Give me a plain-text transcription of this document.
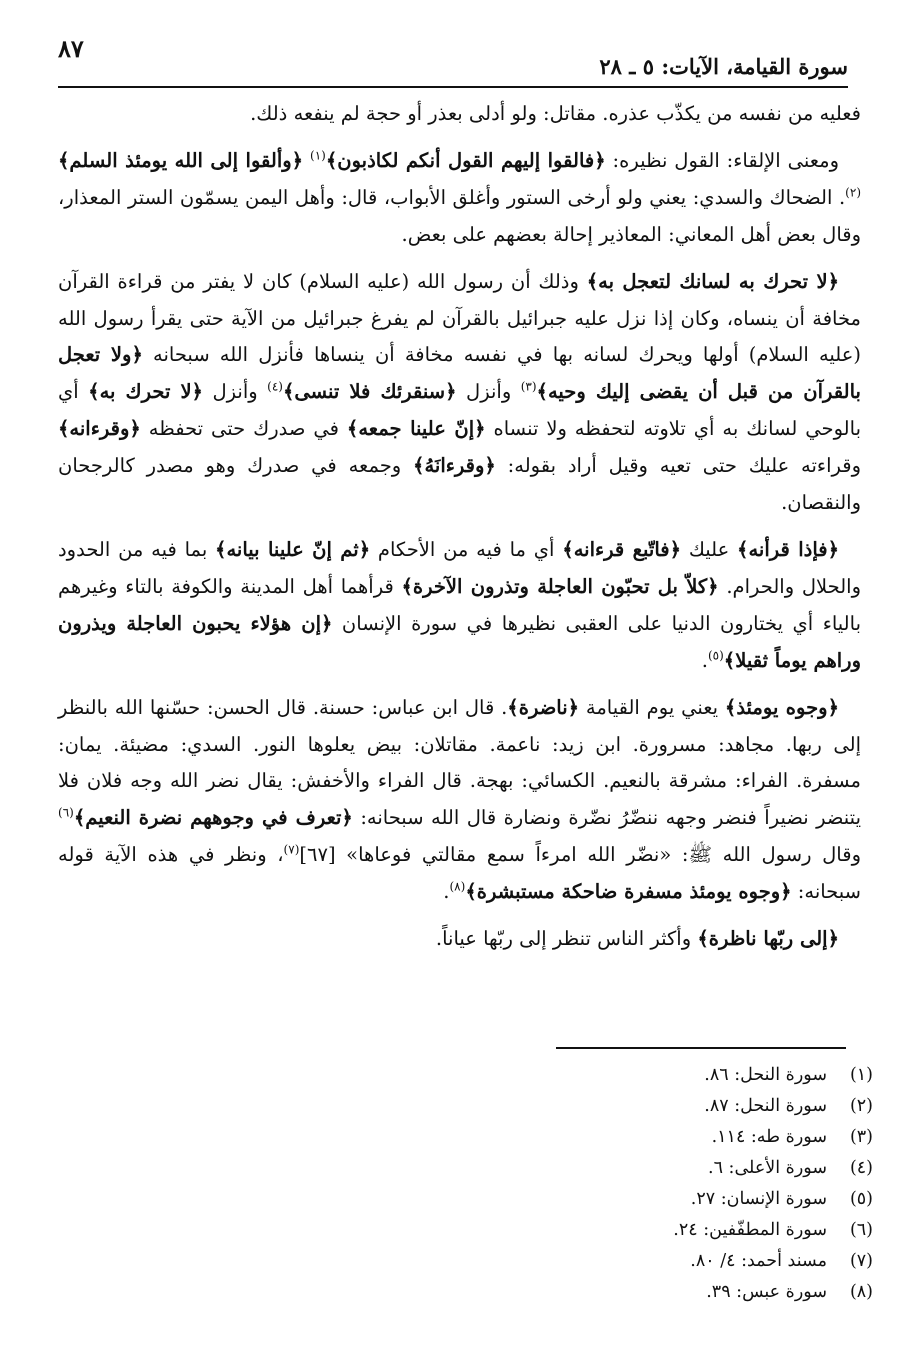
٨٧
سورة القيامة، الآيات: ٥ ـ ٢٨

فعليه من نفسه من يكذّب عذره. مقاتل: ولو أدلى بعذر أو حجة لم ينفعه ذلك.

ومعنى الإلقاء: القول نظيره: ﴿فالقوا إليهم القول أنكم لكاذبون﴾$^{(١)}$ ﴿وألقوا إلى الله يومئذ السلم﴾$^{(٢)}$. الضحاك والسدي: يعني ولو أرخى الستور وأغلق الأبواب، قال: وأهل اليمن يسمّون الستر المعذار، وقال بعض أهل المعاني: المعاذير إحالة بعضهم على بعض.

﴿لا تحرك به لسانك لتعجل به﴾ وذلك أن رسول الله (عليه السلام) كان لا يفتر من قراءة القرآن مخافة أن ينساه، وكان إذا نزل عليه جبرائيل بالقرآن لم يفرغ جبرائيل من الآية حتى يقرأ رسول الله (عليه السلام) أولها ويحرك لسانه بها في نفسه مخافة أن ينساها فأنزل الله سبحانه ﴿ولا تعجل بالقرآن من قبل أن يقضى إليك وحيه﴾$^{(٣)}$ وأنزل ﴿سنقرئك فلا تنسى﴾$^{(٤)}$ وأنزل ﴿لا تحرك به﴾ أي بالوحي لسانك به أي تلاوته لتحفظه ولا تنساه ﴿إنّ علينا جمعه﴾ في صدرك حتى تحفظه ﴿وقرءانه﴾ وقراءته عليك حتى تعيه وقيل أراد بقوله: ﴿وقرءانَهُ﴾ وجمعه في صدرك وهو مصدر كالرجحان والنقصان.

﴿فإذا قرأنه﴾ عليك ﴿فاتّبع قرءانه﴾ أي ما فيه من الأحكام ﴿ثم إنّ علينا بيانه﴾ بما فيه من الحدود والحلال والحرام. ﴿كلاّ بل تحبّون العاجلة وتذرون الآخرة﴾ قرأهما أهل المدينة والكوفة بالتاء وغيرهم بالياء أي يختارون الدنيا على العقبى نظيرها في سورة الإنسان ﴿إن هؤلاء يحبون العاجلة ويذرون وراهم يوماً ثقيلا﴾$^{(٥)}$.

﴿وجوه يومئذ﴾ يعني يوم القيامة ﴿ناضرة﴾. قال ابن عباس: حسنة. قال الحسن: حسّنها الله بالنظر إلى ربها. مجاهد: مسرورة. ابن زيد: ناعمة. مقاتلان: بيض يعلوها النور. السدي: مضيئة. يمان: مسفرة. الفراء: مشرقة بالنعيم. الكسائي: بهجة. قال الفراء والأخفش: يقال نضر الله وجه فلان فلا يتنضر نضيراً فنضر وجهه ننضّرُ نضّرة ونضارة قال الله سبحانه: ﴿تعرف في وجوههم نضرة النعيم﴾$^{(٦)}$ وقال رسول الله ﷺ: «نضّر الله امرءاً سمع مقالتي فوعاها» [٦٧]$^{(٧)}$، ونظر في هذه الآية قوله سبحانه: ﴿وجوه يومئذ مسفرة ضاحكة مستبشرة﴾$^{(٨)}$.

﴿إلى ربّها ناظرة﴾ وأكثر الناس تنظر إلى ربّها عياناً.

(١)سورة النحل: ٨٦.
(٢)سورة النحل: ٨٧.
(٣)سورة طه: ١١٤.
(٤)سورة الأعلى: ٦.
(٥)سورة الإنسان: ٢٧.
(٦)سورة المطفّفين: ٢٤.
(٧)مسند أحمد: ٤/ ٨٠.
(٨)سورة عبس: ٣٩.
